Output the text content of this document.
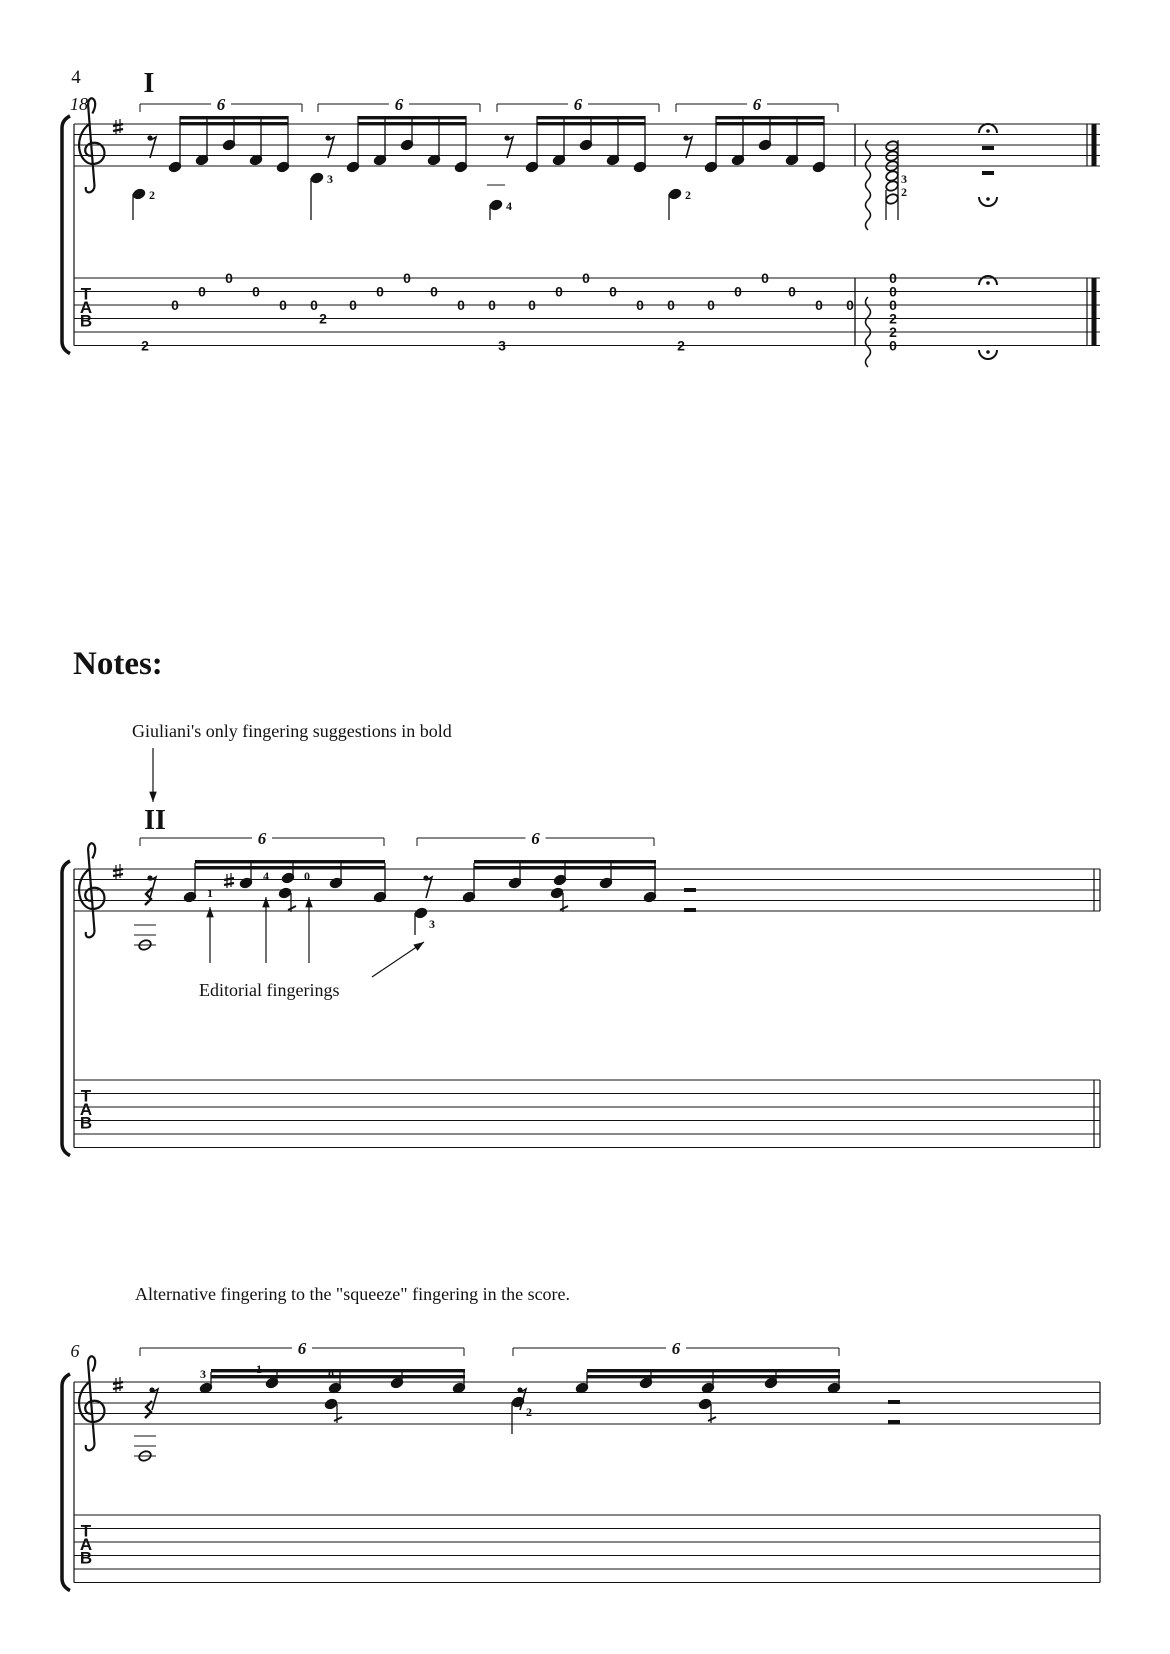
4
18
I
T
A
B
6
2
2
0
0
0
0
0 0
6
3
2
0
0
0
0
0 0
6
4
3
0
0
0
0
0 0
6
2
2
0
0
0
0
0 0
3
2
0
0
0
2
2
0
Notes:
Giuliani's only fingering suggestions in bold
II
T
A
B
6	6
1
4	0
3
Editorial fingerings
Alternative fingering to the "squeeze" fingering in the score.
6
T
A
B
6	6
3	1	0
2
